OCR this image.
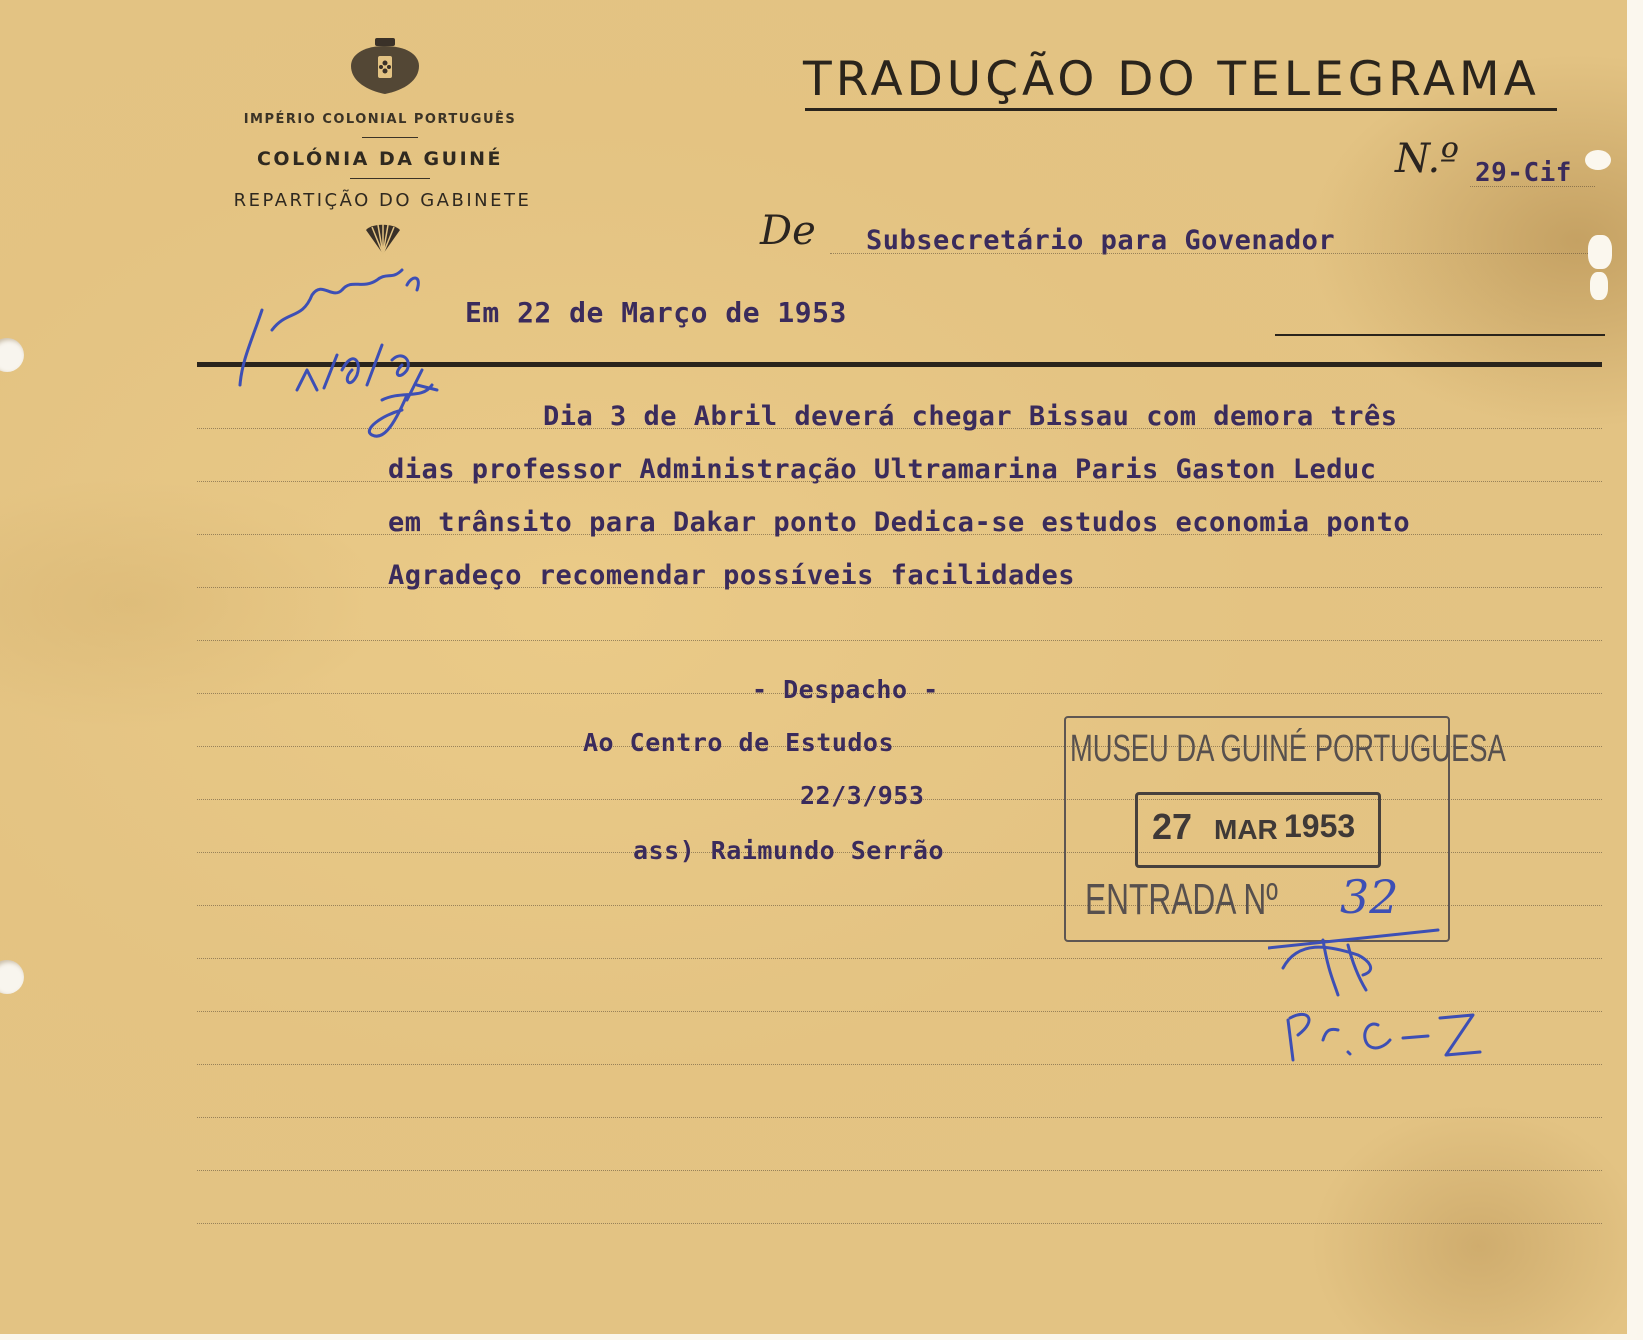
IMPÉRIO COLONIAL PORTUGUÊS
COLÓNIA DA GUINÉ
REPARTIÇÃO DO GABINETE
TRADUÇÃO DO TELEGRAMA
N.º 29-Cif
De Subsecretário para Govenador
Em 22 de Março de 1953
Dia 3 de Abril deverá chegar Bissau com demora três
dias professor Administração Ultramarina Paris Gaston Leduc
em trânsito para Dakar ponto Dedica-se estudos economia ponto
Agradeço recomendar possíveis facilidades
- Despacho -
Ao Centro de Estudos
22/3/953
ass) Raimundo Serrão
MUSEU DA GUINÉ PORTUGUESA
27 MAR 1953
ENTRADA Nº 32
